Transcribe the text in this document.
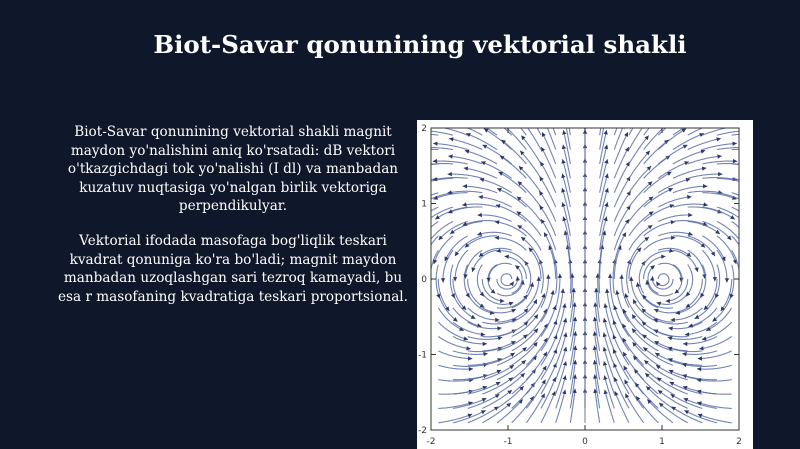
Biot-Savar qonunining vektorial shakli

Biot-Savar qonunining vektorial shakli magnit maydon yo'nalishini aniq ko'rsatadi: dB vektori o'tkazgichdagi tok yo'nalishi (I dl) va manbadan kuzatuv nuqtasiga yo'nalgan birlik vektoriga perpendikulyar.

Vektorial ifodada masofaga bog'liqlik teskari kvadrat qonuniga ko'ra bo'ladi; magnit maydon manbadan uzoqlashgan sari tezroq kamayadi, bu esa r masofaning kvadratiga teskari proportsional.

-2	-1	0	1	2
2
1
0
-1
-2
